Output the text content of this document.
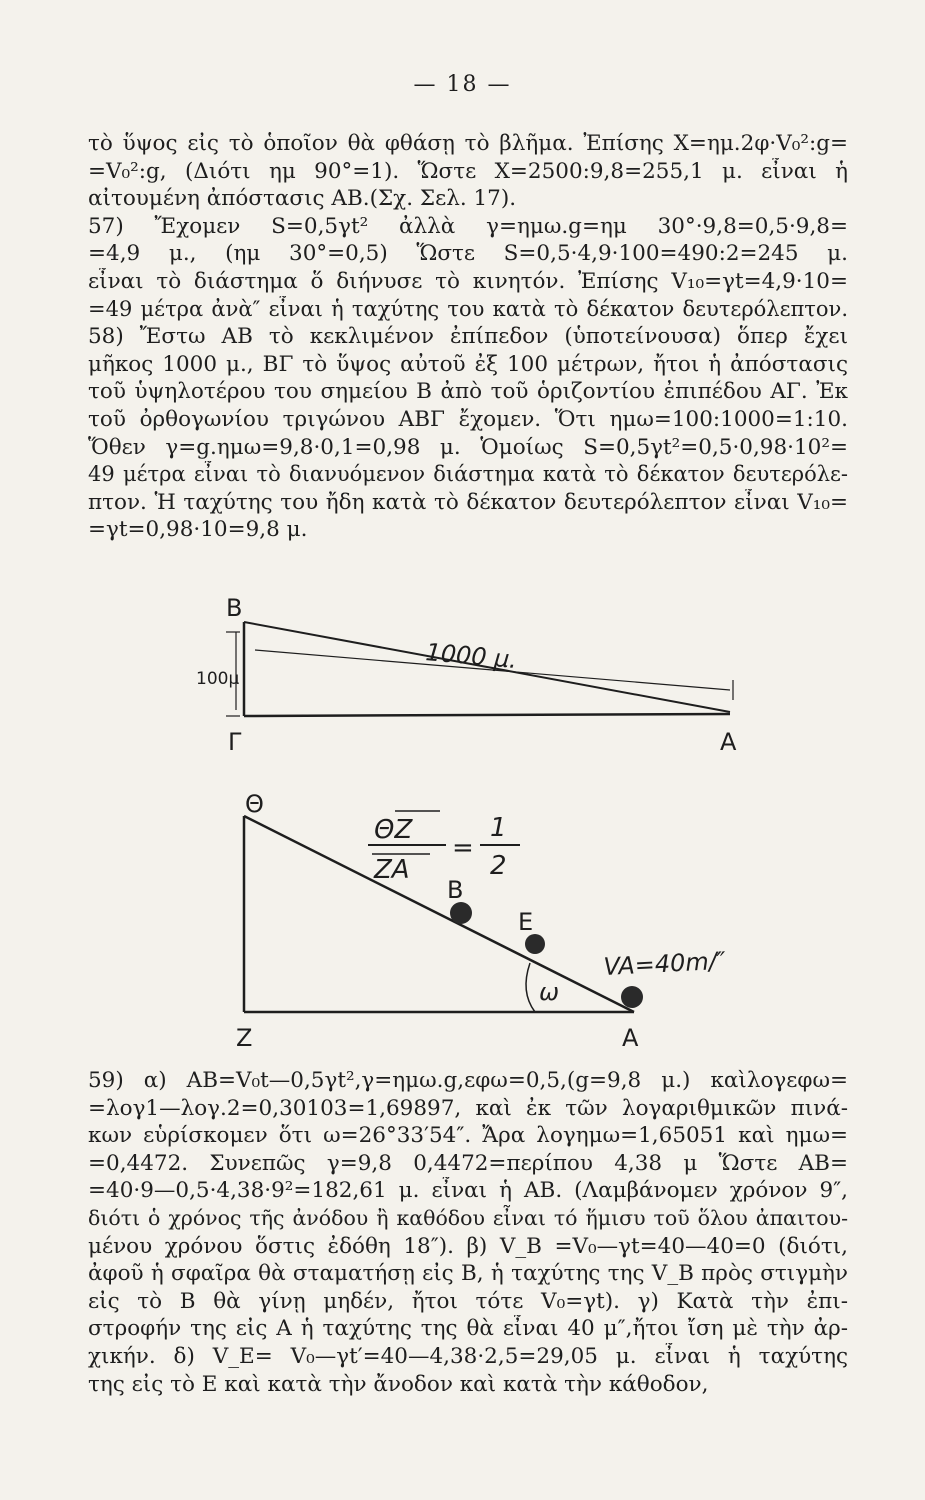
— 18 —
τὸ ὕψος εἰς τὸ ὁποῖον θὰ φθάσῃ τὸ βλῆμα. Ἐπίσης Χ=ημ.2φ·V₀²:g=
=V₀²:g, (Διότι ημ 90°=1). Ὥστε Χ=2500:9,8=255,1 μ. εἶναι ἡ
αἰτουμένη ἀπόστασις ΑΒ.(Σχ. Σελ. 17).
57) Ἔχομεν S=0,5γt² ἀλλὰ γ=ημω.g=ημ 30°·9,8=0,5·9,8=
=4,9 μ., (ημ 30°=0,5) Ὥστε S=0,5·4,9·100=490:2=245 μ.
εἶναι τὸ διάστημα ὅ διήνυσε τὸ κινητόν. Ἐπίσης V₁₀=γt=4,9·10=
=49 μέτρα ἀνὰ″ εἶναι ἡ ταχύτης του κατὰ τὸ δέκατον δευτερόλεπτον.
58) Ἔστω ΑΒ τὸ κεκλιμένον ἐπίπεδον (ὑποτείνουσα) ὅπερ ἔχει
μῆκος 1000 μ., ΒΓ τὸ ὕψος αὐτοῦ ἐξ 100 μέτρων, ἤτοι ἡ ἀπόστασις
τοῦ ὑψηλοτέρου του σημείου Β ἀπὸ τοῦ ὁριζοντίου ἐπιπέδου ΑΓ. Ἐκ
τοῦ ὀρθογωνίου τριγώνου ΑΒΓ ἔχομεν. Ὅτι ημω=100:1000=1:10.
Ὅθεν γ=g.ημω=9,8·0,1=0,98 μ. Ὁμοίως S=0,5γt²=0,5·0,98·10²=
49 μέτρα εἶναι τὸ διανυόμενον διάστημα κατὰ τὸ δέκατον δευτερόλε-
πτον. Ἡ ταχύτης του ἤδη κατὰ τὸ δέκατον δευτερόλεπτον εἶναι V₁₀=
=γt=0,98·10=9,8 μ.
Β
Γ	Α
1000 μ.
100μ
Θ
Ζ	Α
Β
Ε
ω
ΘΖ
ΖΑ
=
1
2
VA=40m/″
59) α) ΑΒ=V₀t—0,5γt²,γ=ημω.g,εφω=0,5,(g=9,8 μ.) καὶλογεφω=
=λογ1—λογ.2=0,30103=1,69897, καὶ ἐκ τῶν λογαριθμικῶν πινά-
κων εὑρίσκομεν ὅτι ω=26°33′54″. Ἄρα λογημω=1,65051 καὶ ημω=
=0,4472. Συνεπῶς γ=9,8 0,4472=περίπου 4,38 μ Ὥστε ΑΒ=
=40·9—0,5·4,38·9²=182,61 μ. εἶναι ἡ ΑΒ. (Λαμβάνομεν χρόνον 9″,
διότι ὁ χρόνος τῆς ἀνόδου ἢ καθόδου εἶναι τό ἥμισυ τοῦ ὅλου ἀπαιτου-
μένου χρόνου ὅστις ἐδόθη 18″). β) V_B =V₀—γt=40—40=0 (διότι,
ἀφοῦ ἡ σφαῖρα θὰ σταματήσῃ εἰς Β, ἡ ταχύτης της V_B πρὸς στιγμὴν
εἰς τὸ Β θὰ γίνῃ μηδέν, ἤτοι τότε V₀=γt). γ) Κατὰ τὴν ἐπι-
στροφήν της εἰς Α ἡ ταχύτης της θὰ εἶναι 40 μ″,ἤτοι ἴση μὲ τὴν ἀρ-
χικήν. δ) V_E= V₀—γt′=40—4,38·2,5=29,05 μ. εἶναι ἡ ταχύτης
της εἰς τὸ Ε καὶ κατὰ τὴν ἄνοδον καὶ κατὰ τὴν κάθοδον,
